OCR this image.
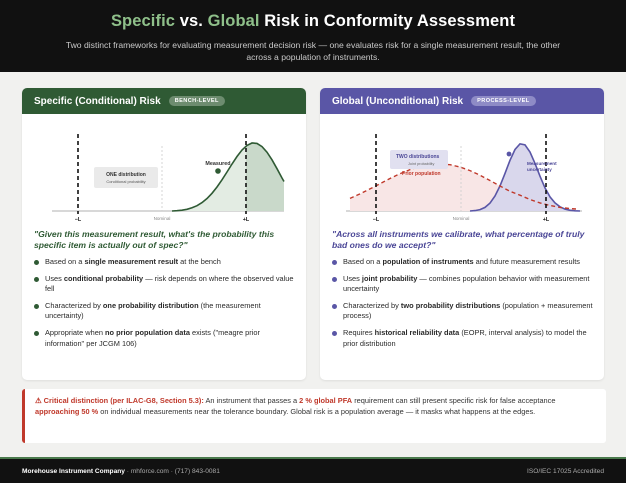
Specific vs. Global Risk in Conformity Assessment
Two distinct frameworks for evaluating measurement decision risk — one evaluates risk for a single measurement result, the other across a population of instruments.
Specific (Conditional) Risk	BENCH-LEVEL
Measured
ONE distribution
Conditional probability
−L	Nominal	+L
"Given this measurement result, what's the probability this specific item is actually out of spec?"
Based on a single measurement result at the bench
Uses conditional probability — risk depends on where the observed value fell
Characterized by one probability distribution (the measurement uncertainty)
Appropriate when no prior population data exists ("meagre prior information" per JCGM 106)
Global (Unconditional) Risk	PROCESS-LEVEL
TWO distributions
Joint probability
Prior population
Measurement
uncertainty
−L	Nominal	+L
"Across all instruments we calibrate, what percentage of truly bad ones do we accept?"
Based on a population of instruments and future measurement results
Uses joint probability — combines population behavior with measurement uncertainty
Characterized by two probability distributions (population + measurement process)
Requires historical reliability data (EOPR, interval analysis) to model the prior distribution
⚠ Critical distinction (per ILAC-G8, Section 5.3): An instrument that passes a 2 % global PFA requirement can still present specific risk for false acceptance approaching 50 % on individual measurements near the tolerance boundary. Global risk is a population average — it masks what happens at the edges.
Morehouse Instrument Company · mhforce.com · (717) 843-0081	ISO/IEC 17025 Accredited
